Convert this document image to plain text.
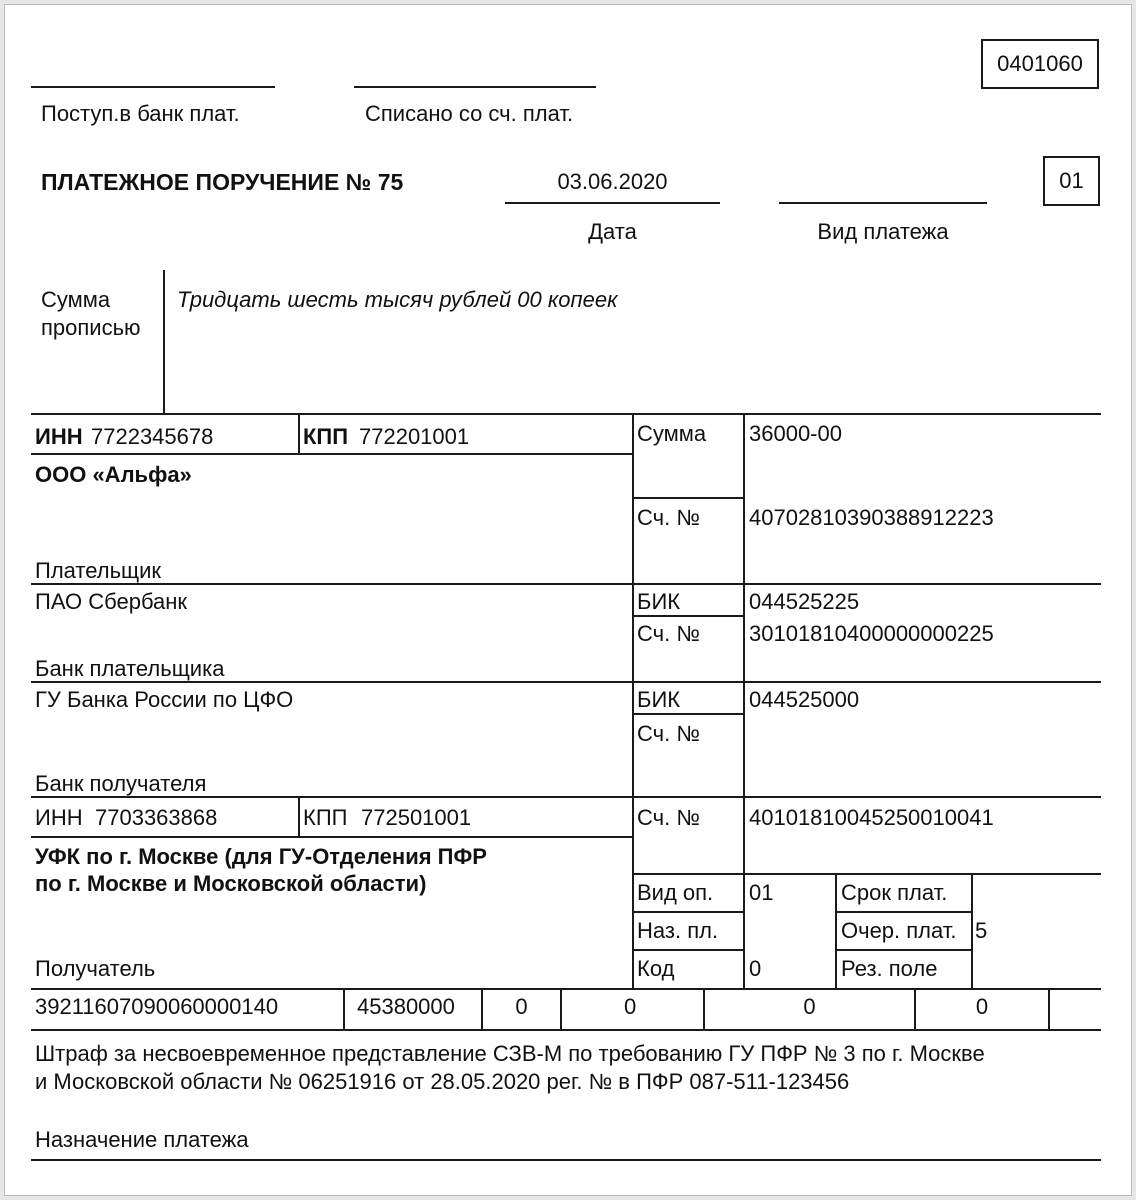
0401060
Поступ.в банк плат.	Списано со сч. плат.
ПЛАТЕЖНОЕ ПОРУЧЕНИЕ № 75	03.06.2020
Дата	Вид платежа
01
Сумма
прописью
Тридцать шесть тысяч рублей 00 копеек
ИНН 7722345678	КПП 772201001
ООО «Альфа»
Плательщик
ПАО Сбербанк
Банк плательщика
ГУ Банка России по ЦФО
Банк получателя
ИНН 7703363868	КПП 772501001
УФК по г. Москве (для ГУ-Отделения ПФР
по г. Москве и Московской области)
Получатель
Сумма 36000-00
Сч. № 40702810390388912223
БИК	044525225
Сч. № 30101810400000000225
БИК	044525000
Сч. №
Сч. № 40101810045250010041
Вид оп. 01
Наз. пл.
Код	0
Срок плат.
Очер. плат. 5
Рез. поле
39211607090060000140	45380000	0	0	0	0
Штраф за несвоевременное представление СЗВ-М по требованию ГУ ПФР № 3 по г. Москве
и Московской области № 06251916 от 28.05.2020 рег. № в ПФР 087-511-123456
Назначение платежа
